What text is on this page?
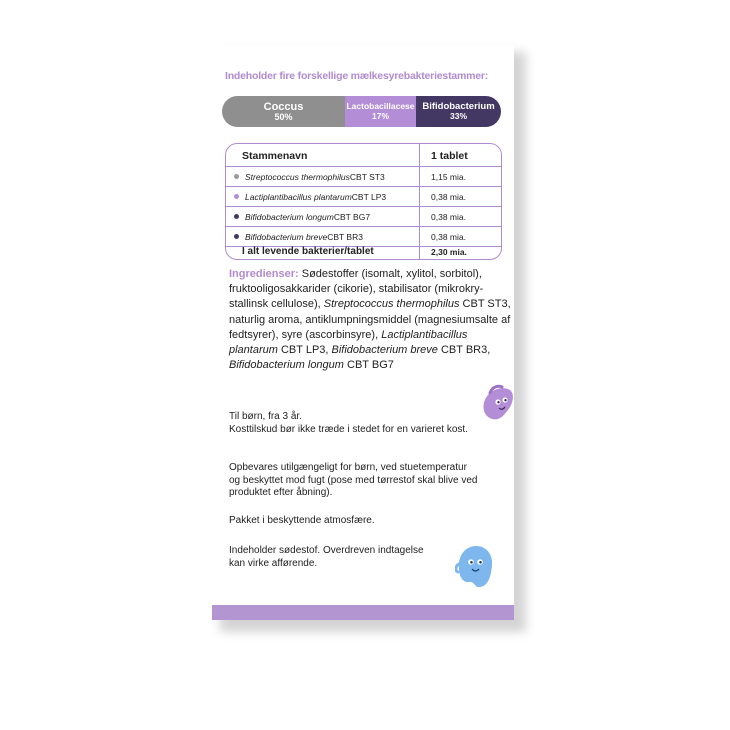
Indeholder fire forskellige mælkesyrebakteriestammer:
Coccus
50%
Lactobacillacese
17%
Bifidobacterium
33%
Stammenavn	1 tablet
Streptococcus thermophilus CBT ST3	1,15 mia.
Lactiplantibacillus plantarum CBT LP3	0,38 mia.
Bifidobacterium longum CBT BG7	0,38 mia.
Bifidobacterium breve CBT BR3	0,38 mia.
I alt levende bakterier/tablet	2,30 mia.

Ingredienser: Sødestoffer (isomalt, xylitol, sorbitol), fruktooligosakkarider (cikorie), stabilisator (mikrokry-stallinsk cellulose), Streptococcus thermophilus CBT ST3, naturlig aroma, antiklumpningsmiddel (magnesiumsalte af fedtsyrer), syre (ascorbinsyre), Lactiplantibacillus plantarum CBT LP3, Bifidobacterium breve CBT BR3, Bifidobacterium longum CBT BG7

Til børn, fra 3 år.
Kosttilskud bør ikke træde i stedet for en varieret kost.

Opbevares utilgængeligt for børn, ved stuetemperatur
og beskyttet mod fugt (pose med tørrestof skal blive ved
produktet efter åbning).

Pakket i beskyttende atmosfære.

Indeholder sødestof. Overdreven indtagelse
kan virke afførende.
